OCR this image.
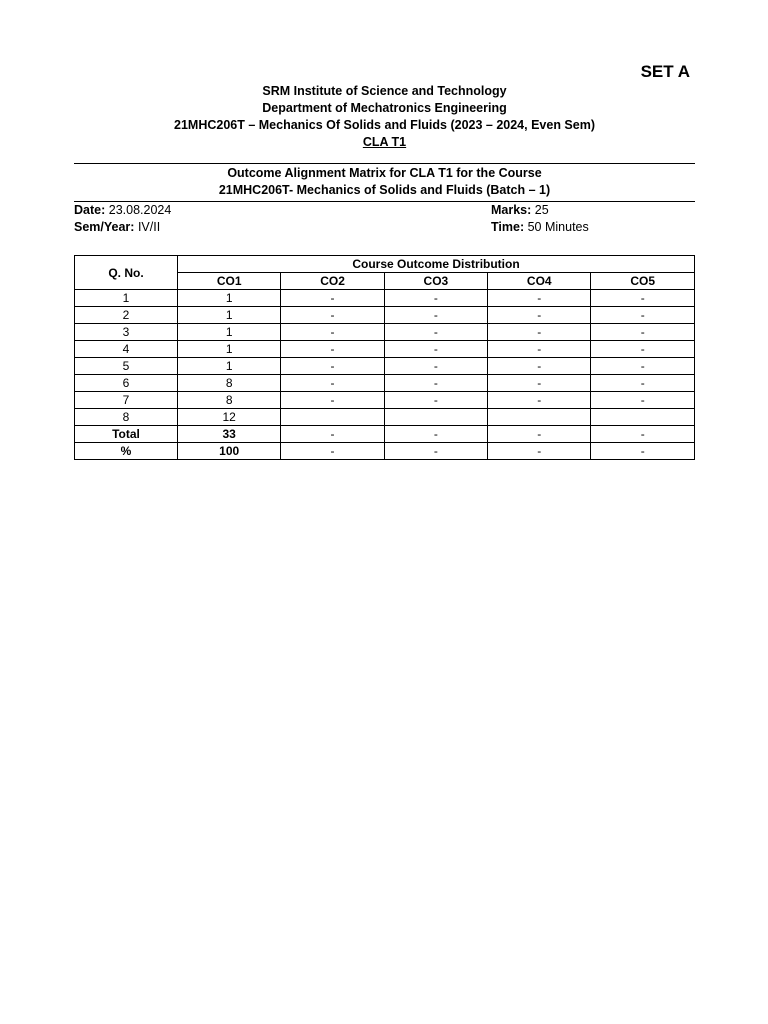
SET A
SRM Institute of Science and Technology
Department of Mechatronics Engineering
21MHC206T – Mechanics Of Solids and Fluids (2023 – 2024, Even Sem)
CLA T1
Outcome Alignment Matrix for CLA T1 for the Course
21MHC206T- Mechanics of Solids and Fluids (Batch – 1)
Date: 23.08.2024	Marks: 25
Sem/Year: IV/II	Time: 50 Minutes
Q. No.	Course Outcome Distribution				
	CO1	CO2	CO3	CO4	CO5
1	1	-	-	-	-
2	1	-	-	-	-
3	1	-	-	-	-
4	1	-	-	-	-
5	1	-	-	-	-
6	8	-	-	-	-
7	8	-	-	-	-
8	12				
Total	33	-	-	-	-
%	100	-	-	-	-
